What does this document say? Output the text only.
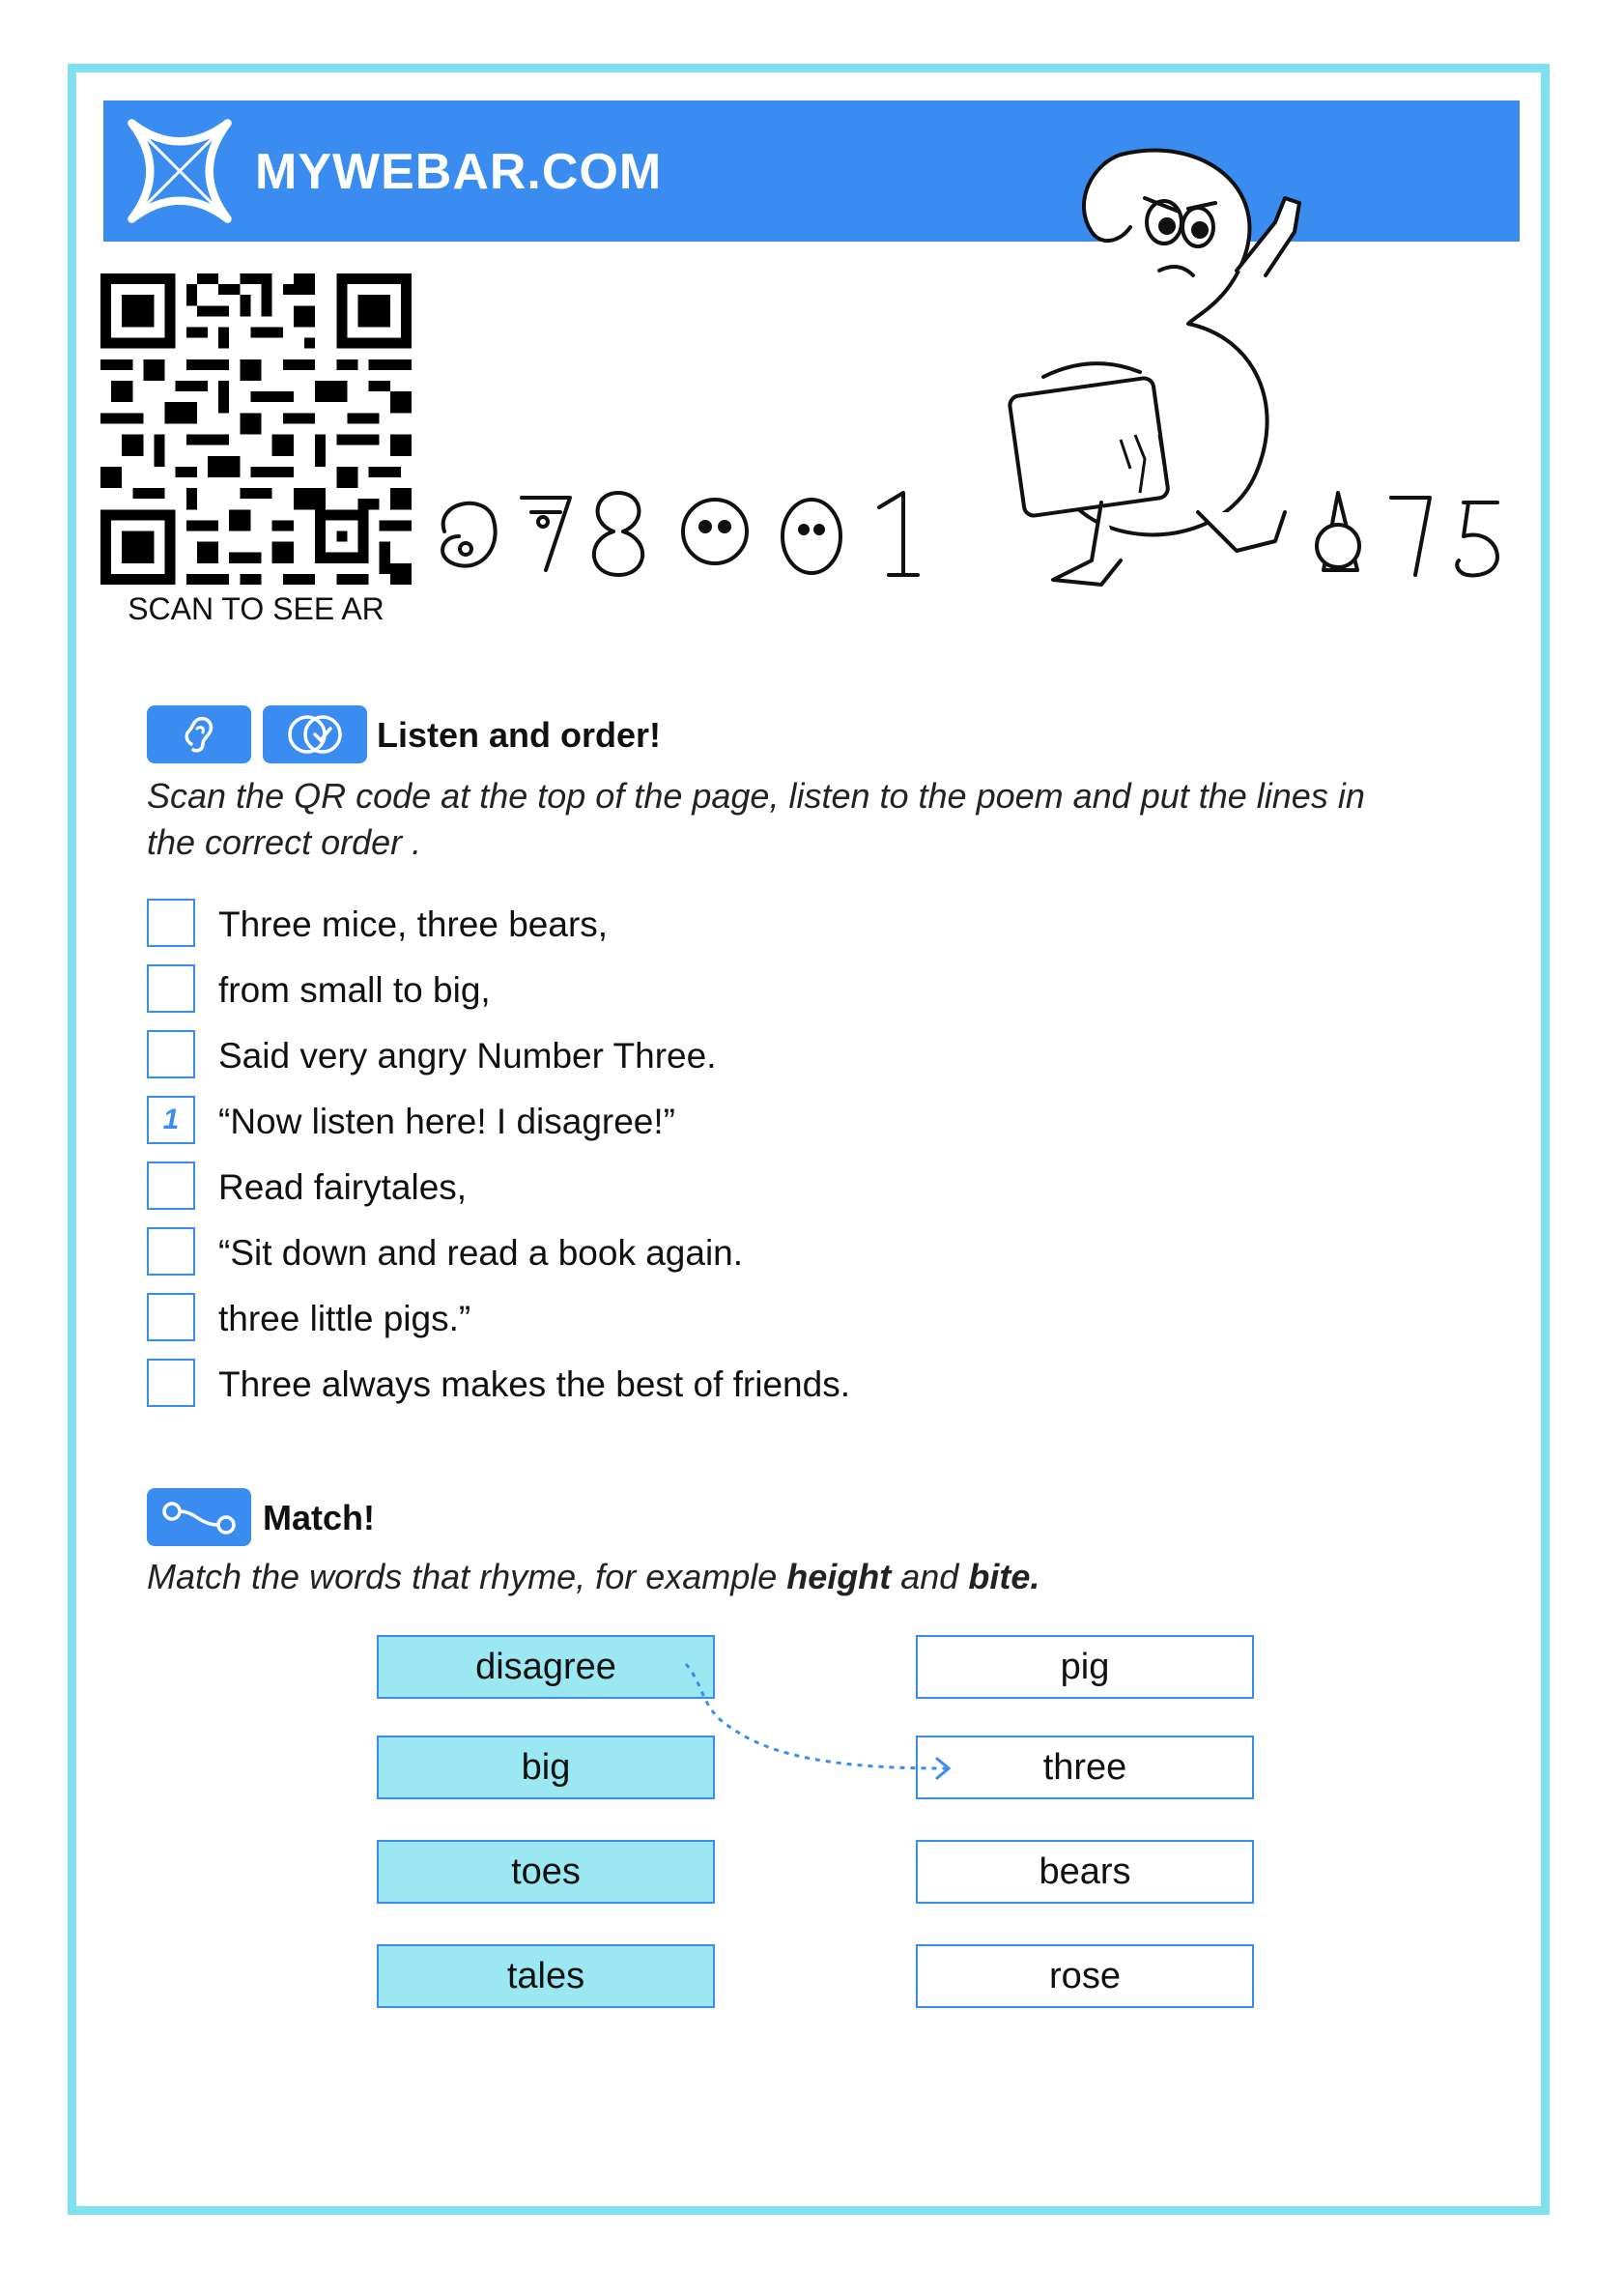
MYWEBAR.COM
SCAN TO SEE AR
Listen and order!
Scan the QR code at the top of the page, listen to the poem and put the lines in
the correct order .
Three mice, three bears,
from small to big,
Said very angry Number Three.
1	“Now listen here! I disagree!”
Read fairytales,
“Sit down and read a book again.
three little pigs.”
Three always makes the best of friends.
Match!
Match the words that rhyme, for example height and bite.
disagree
big
toes
tales
pig
three
bears
rose
